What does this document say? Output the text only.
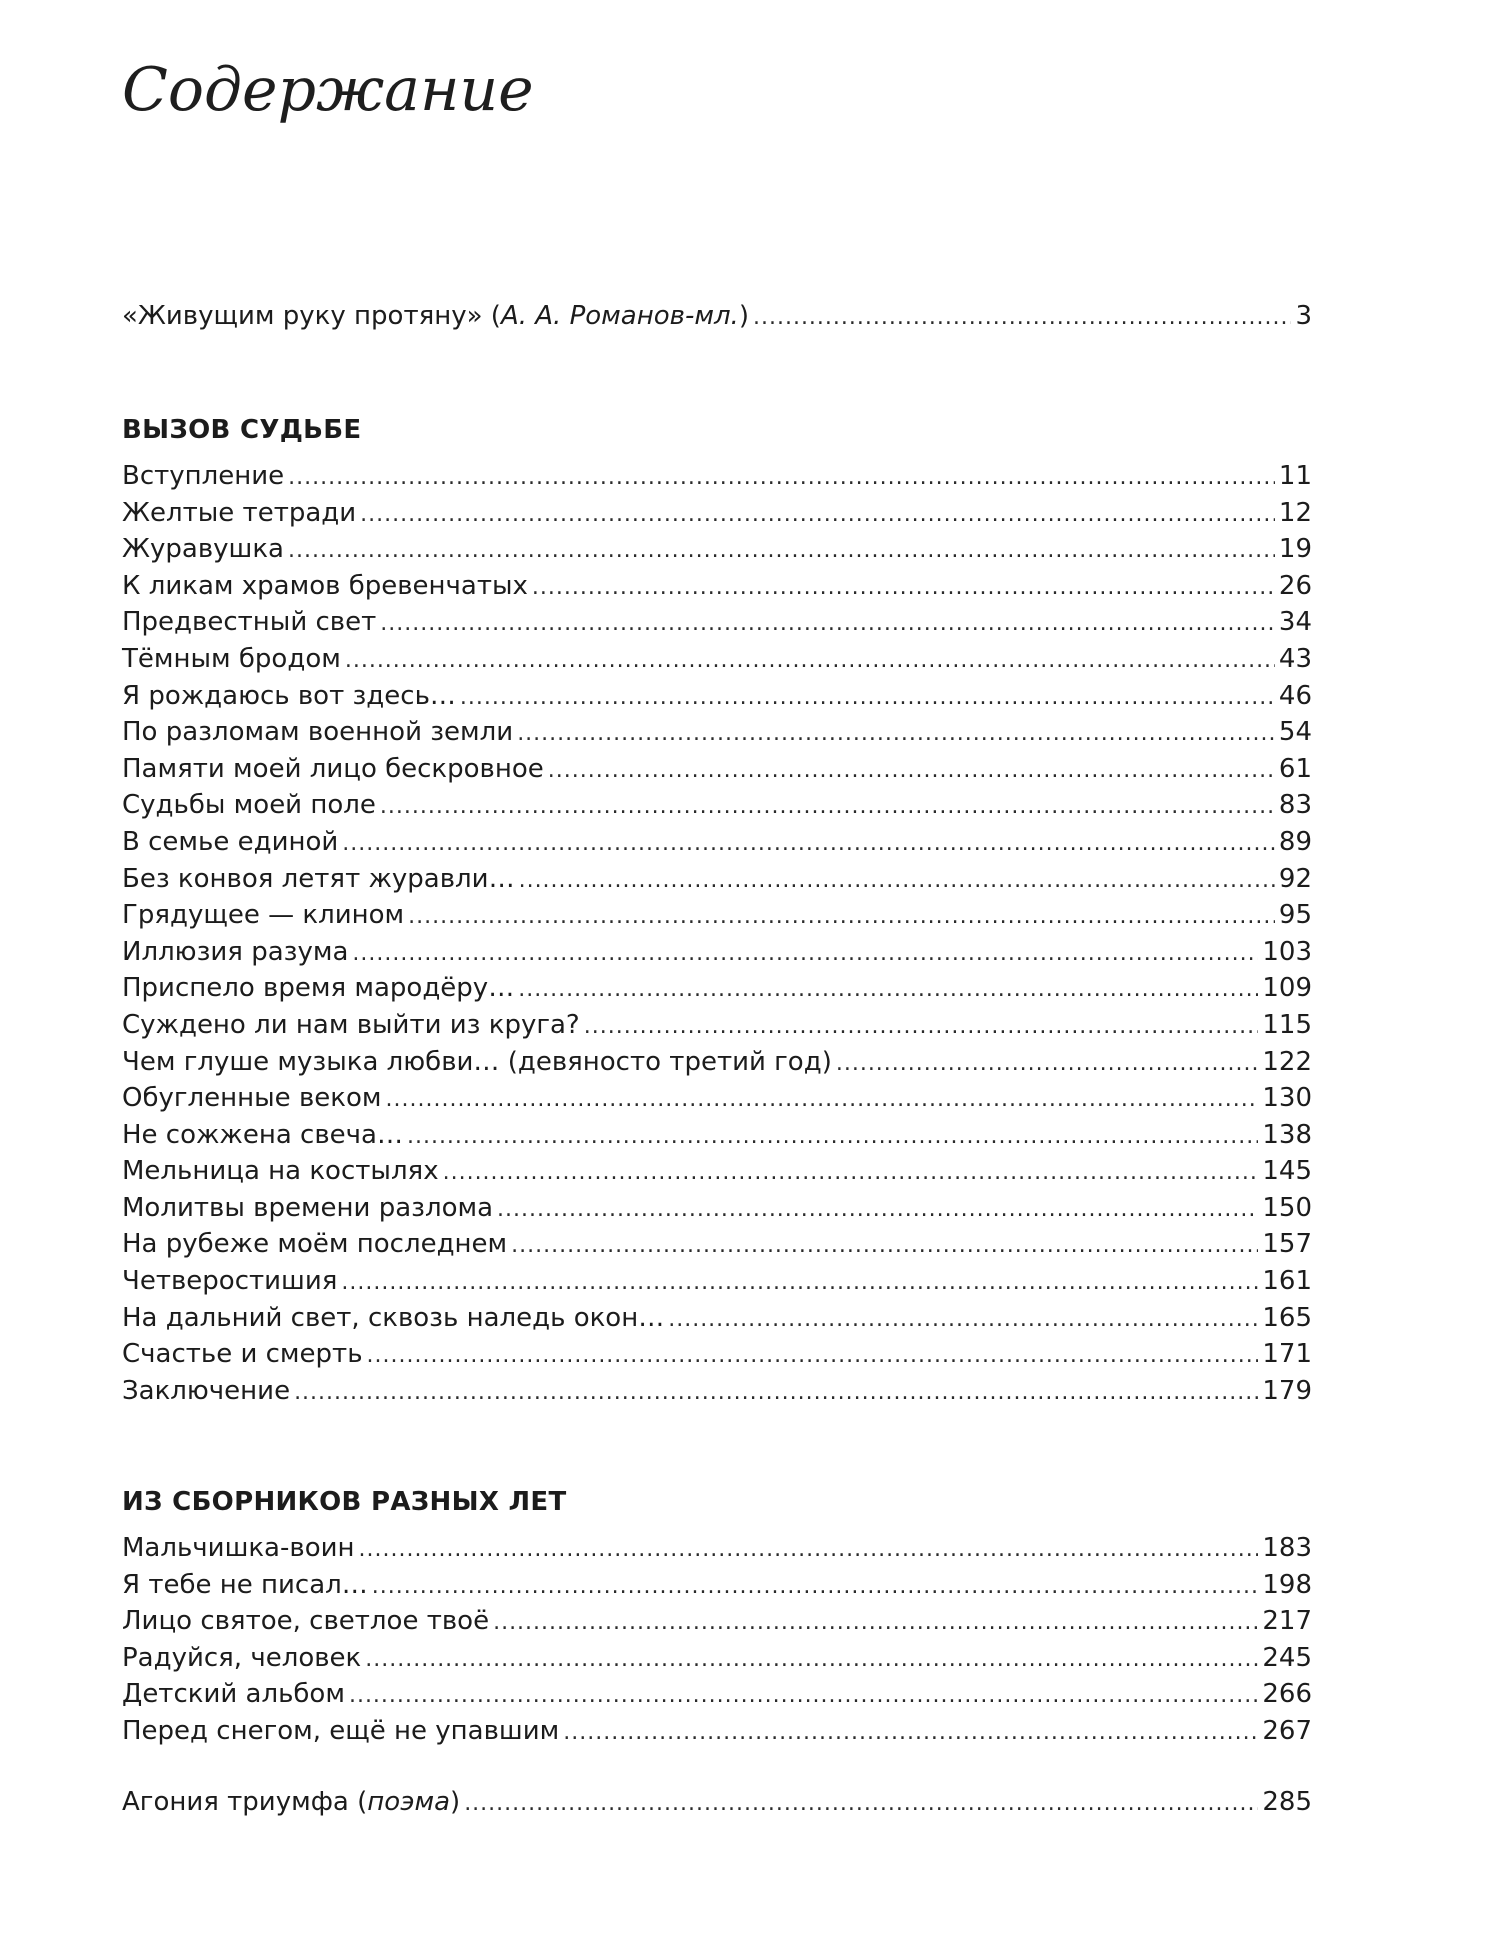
Содержание
«Живущим руку протяну» (А. А. Романов-мл.) .....	3
ВЫЗОВ СУДЬБЕ
Вступление .....	11
Желтые тетради .....	12
Журавушка .....	19
К ликам храмов бревенчатых .....	26
Предвестный свет .....	34
Тёмным бродом .....	43
Я рождаюсь вот здесь… .....	46
По разломам военной земли .....	54
Памяти моей лицо бескровное .....	61
Судьбы моей поле .....	83
В семье единой .....	89
Без конвоя летят журавли… .....	92
Грядущее — клином .....	95
Иллюзия разума .....	103
Приспело время мародёру… .....	109
Суждено ли нам выйти из круга? .....	115
Чем глуше музыка любви… (девяносто третий год) .....	122
Обугленные веком .....	130
Не сожжена свеча… .....	138
Мельница на костылях .....	145
Молитвы времени разлома .....	150
На рубеже моём последнем .....	157
Четверостишия .....	161
На дальний свет, сквозь наледь окон… .....	165
Счастье и смерть .....	171
Заключение .....	179
ИЗ СБОРНИКОВ РАЗНЫХ ЛЕТ
Мальчишка-воин .....	183
Я тебе не писал… .....	198
Лицо святое, светлое твоё .....	217
Радуйся, человек .....	245
Детский альбом .....	266
Перед снегом, ещё не упавшим .....	267
Агония триумфа (поэма) .....	285
